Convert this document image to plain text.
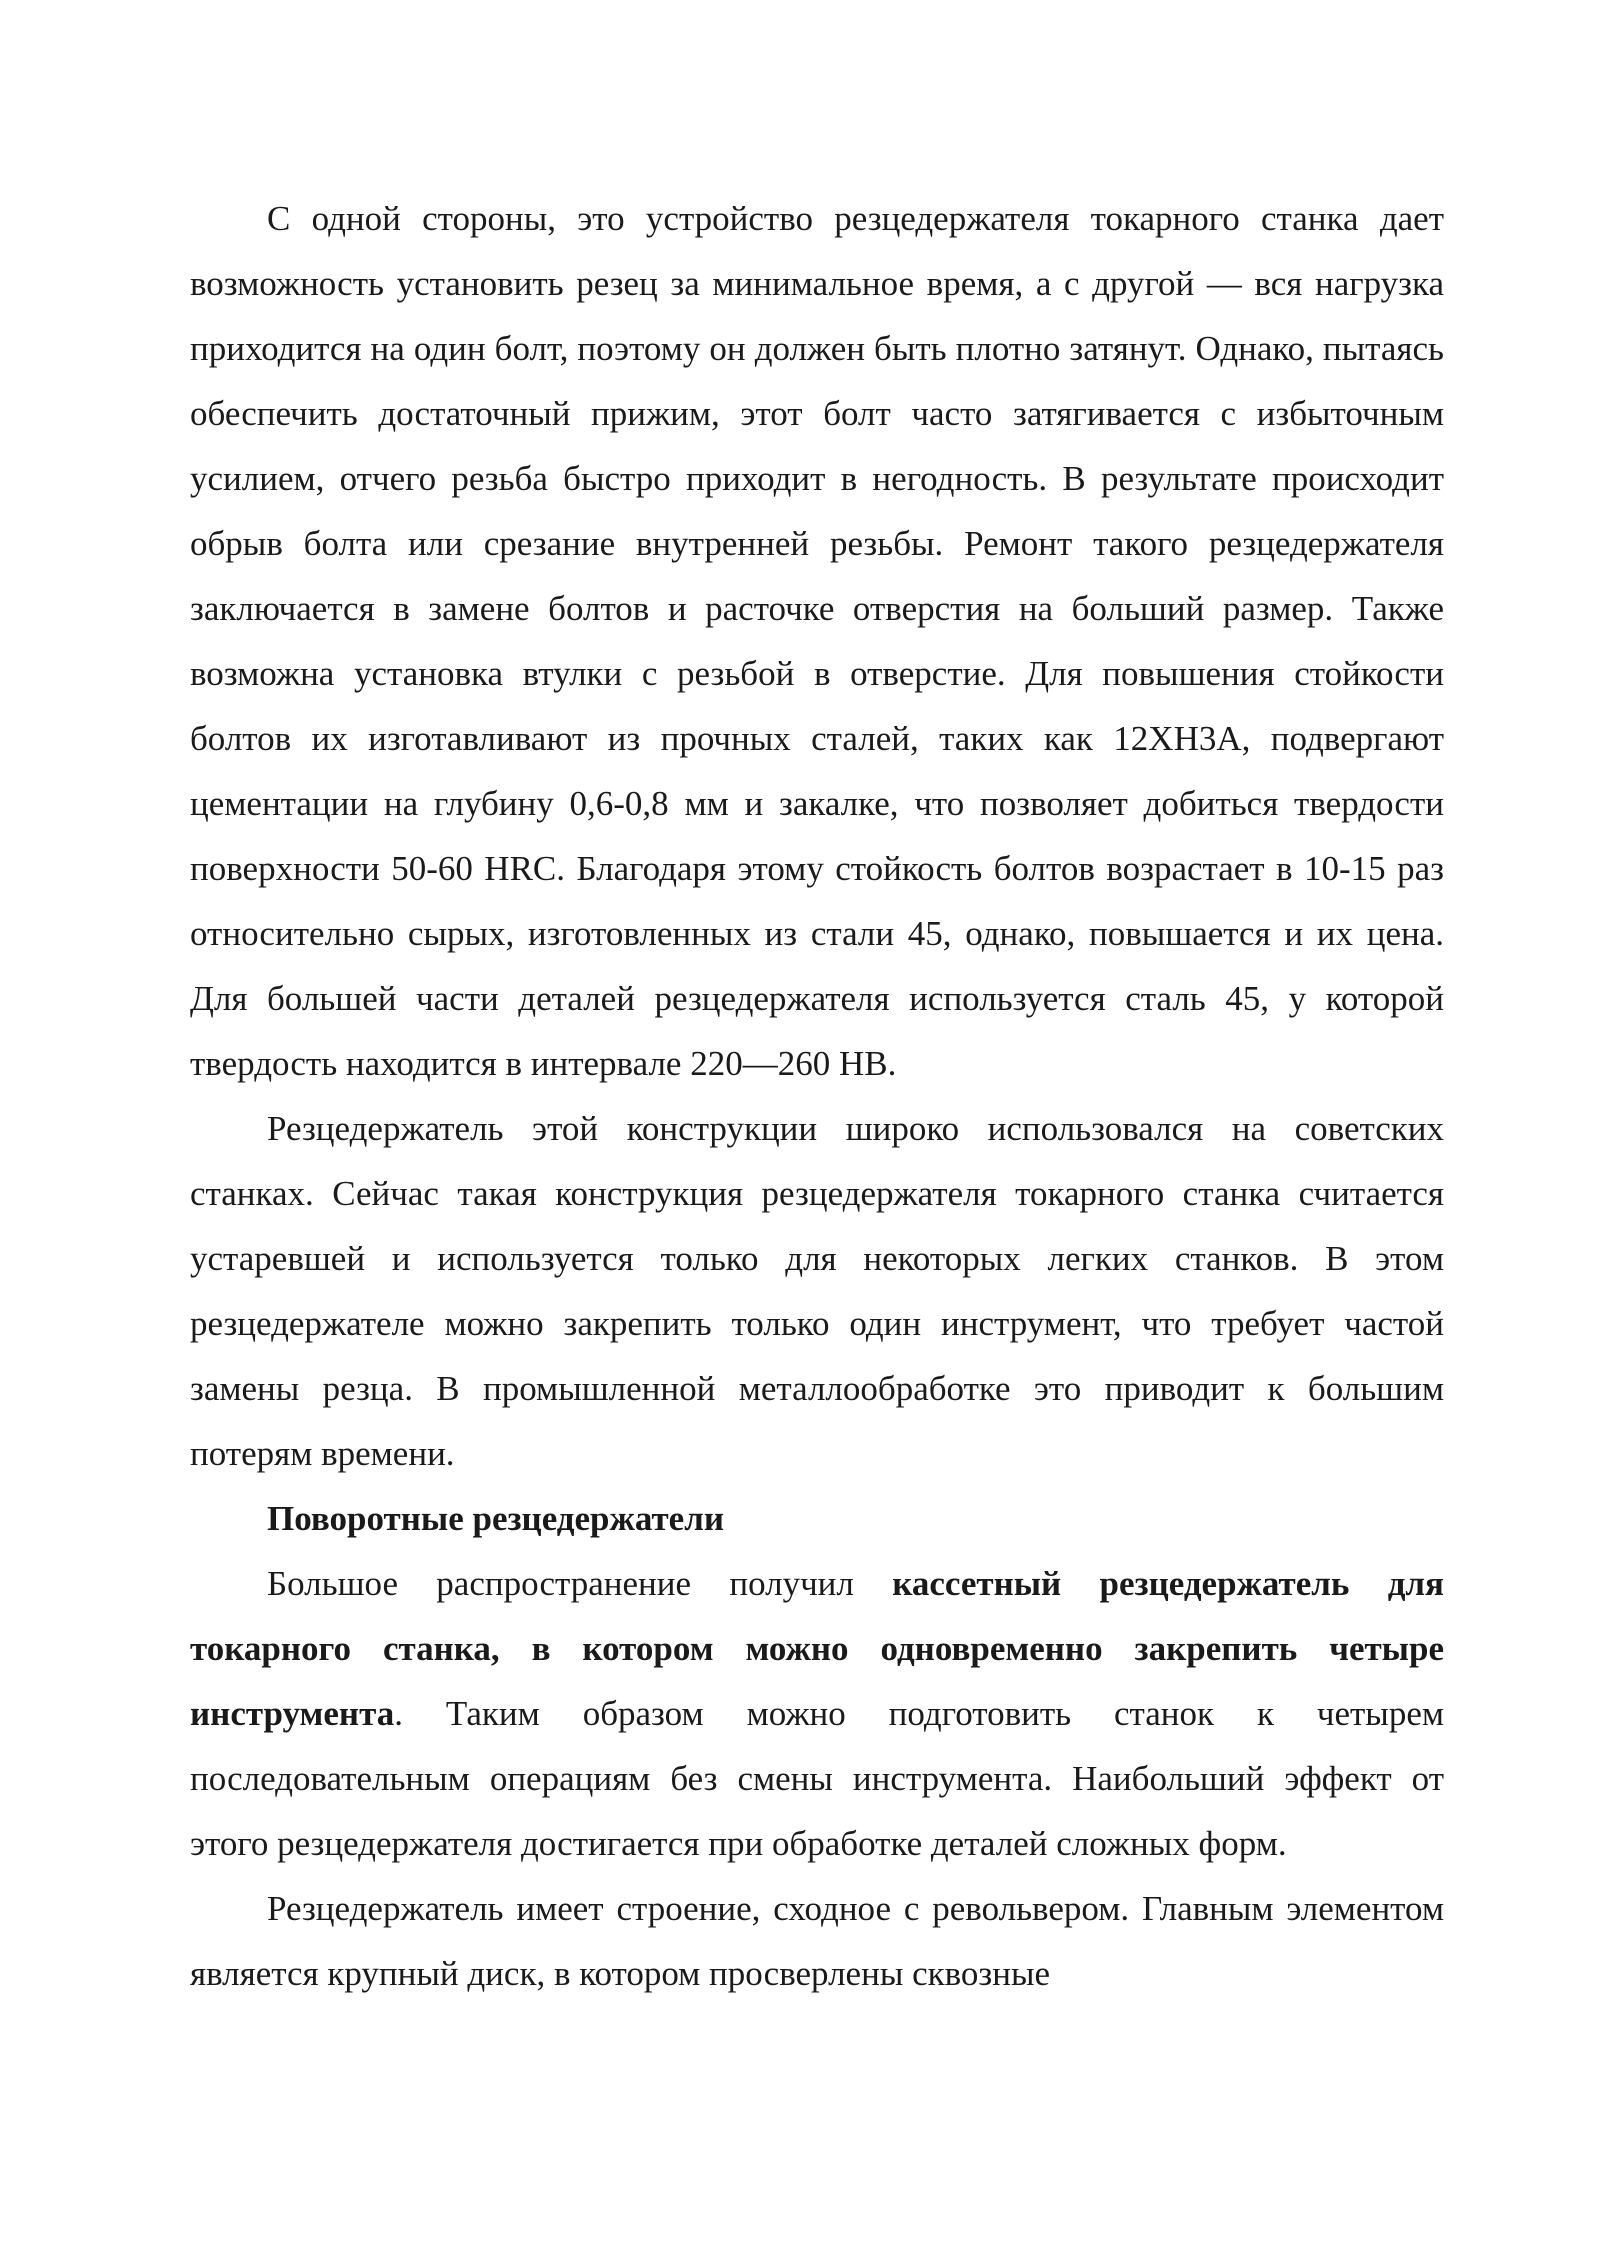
С одной стороны, это устройство резцедержателя токарного станка дает возможность установить резец за минимальное время, а с другой — вся нагрузка приходится на один болт, поэтому он должен быть плотно затянут. Однако, пытаясь обеспечить достаточный прижим, этот болт часто затягивается с избыточным усилием, отчего резьба быстро приходит в негодность. В результате происходит обрыв болта или срезание внутренней резьбы. Ремонт такого резцедержателя заключается в замене болтов и расточке отверстия на больший размер. Также возможна установка втулки с резьбой в отверстие. Для повышения стойкости болтов их изготавливают из прочных сталей, таких как 12ХН3А, подвергают цементации на глубину 0,6-0,8 мм и закалке, что позволяет добиться твердости поверхности 50-60 HRC. Благодаря этому стойкость болтов возрастает в 10-15 раз относительно сырых, изготовленных из стали 45, однако, повышается и их цена. Для большей части деталей резцедержателя используется сталь 45, у которой твердость находится в интервале 220—260 НВ.

Резцедержатель этой конструкции широко использовался на советских станках. Сейчас такая конструкция резцедержателя токарного станка считается устаревшей и используется только для некоторых легких станков. В этом резцедержателе можно закрепить только один инструмент, что требует частой замены резца. В промышленной металлообработке это приводит к большим потерям времени.

Поворотные резцедержатели

Большое распространение получил кассетный резцедержатель для токарного станка, в котором можно одновременно закрепить четыре инструмента. Таким образом можно подготовить станок к четырем последовательным операциям без смены инструмента. Наибольший эффект от этого резцедержателя достигается при обработке деталей сложных форм.

Резцедержатель имеет строение, сходное с револьвером. Главным элементом является крупный диск, в котором просверлены сквозные
